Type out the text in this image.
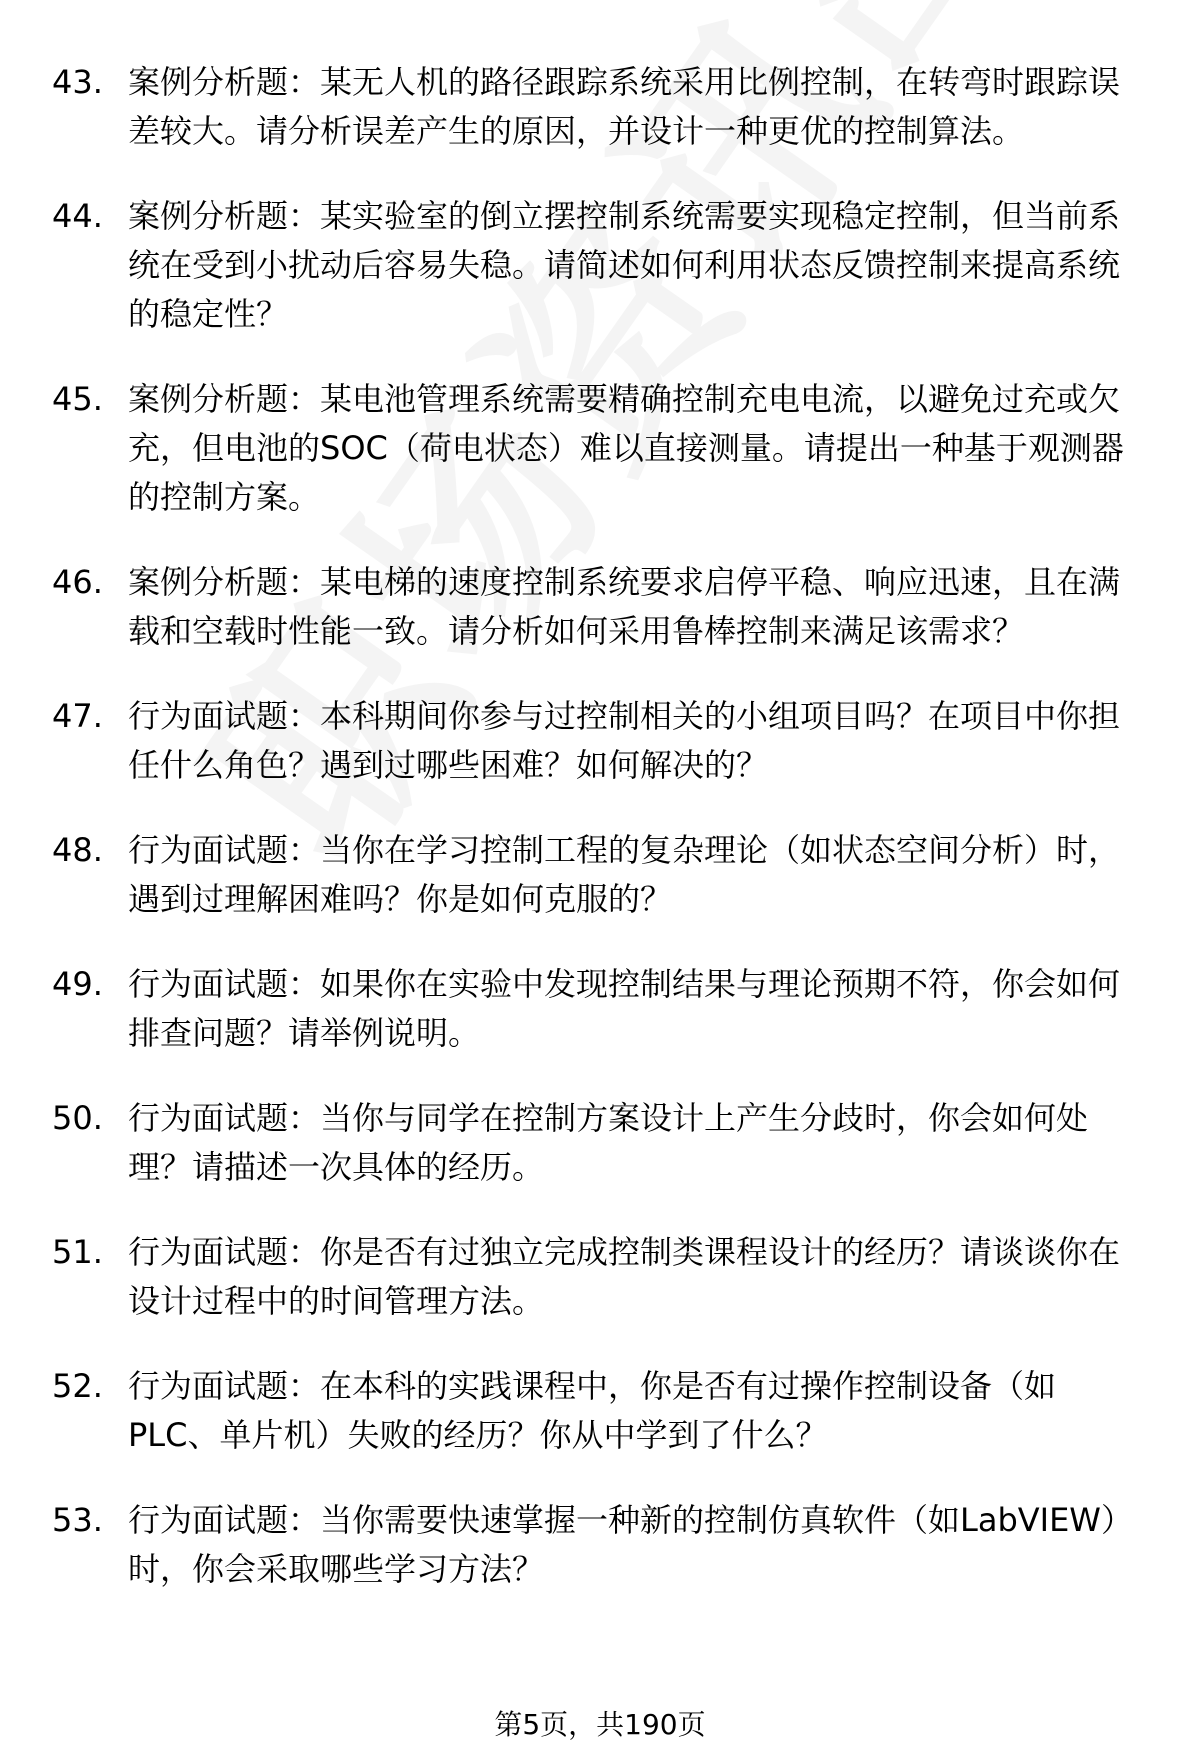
43. 案例分析题：某无人机的路径跟踪系统采用比例控制，在转弯时跟踪误差较大。请分析误差产生的原因，并设计一种更优的控制算法。
44. 案例分析题：某实验室的倒立摆控制系统需要实现稳定控制，但当前系统在受到小扰动后容易失稳。请简述如何利用状态反馈控制来提高系统的稳定性？
45. 案例分析题：某电池管理系统需要精确控制充电电流，以避免过充或欠充，但电池的SOC（荷电状态）难以直接测量。请提出一种基于观测器的控制方案。
46. 案例分析题：某电梯的速度控制系统要求启停平稳、响应迅速，且在满载和空载时性能一致。请分析如何采用鲁棒控制来满足该需求？
47. 行为面试题：本科期间你参与过控制相关的小组项目吗？在项目中你担任什么角色？遇到过哪些困难？如何解决的？
48. 行为面试题：当你在学习控制工程的复杂理论（如状态空间分析）时，遇到过理解困难吗？你是如何克服的？
49. 行为面试题：如果你在实验中发现控制结果与理论预期不符，你会如何排查问题？请举例说明。
50. 行为面试题：当你与同学在控制方案设计上产生分歧时，你会如何处理？请描述一次具体的经历。
51. 行为面试题：你是否有过独立完成控制类课程设计的经历？请谈谈你在设计过程中的时间管理方法。
52. 行为面试题：在本科的实践课程中，你是否有过操作控制设备（如PLC、单片机）失败的经历？你从中学到了什么？
53. 行为面试题：当你需要快速掌握一种新的控制仿真软件（如LabVIEW）时，你会采取哪些学习方法？
第5页，共190页
